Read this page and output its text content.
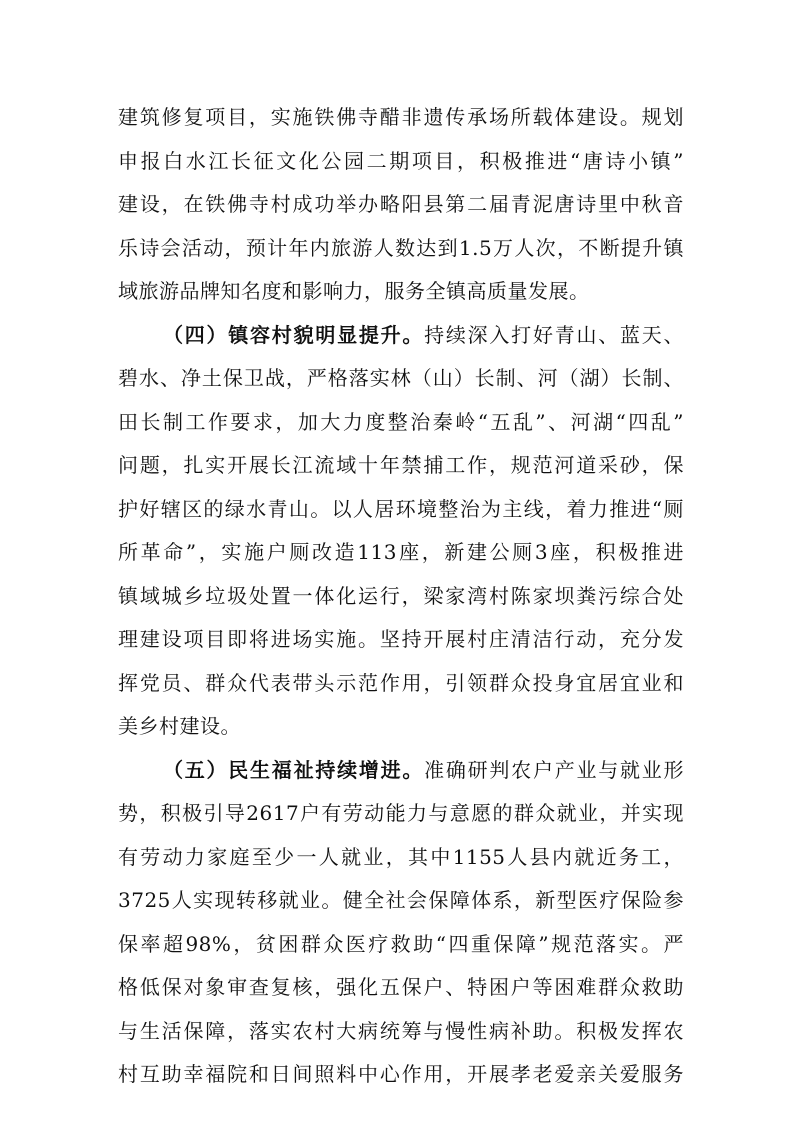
建筑修复项目，实施铁佛寺醋非遗传承场所载体建设。规划
申报白水江长征文化公园二期项目，积极推进“唐诗小镇”
建设，在铁佛寺村成功举办略阳县第二届青泥唐诗里中秋音
乐诗会活动，预计年内旅游人数达到1.5万人次，不断提升镇
域旅游品牌知名度和影响力，服务全镇高质量发展。
（四）镇容村貌明显提升。持续深入打好青山、蓝天、
碧水、净土保卫战，严格落实林（山）长制、河（湖）长制、
田长制工作要求，加大力度整治秦岭“五乱”、河湖“四乱”
问题，扎实开展长江流域十年禁捕工作，规范河道采砂，保
护好辖区的绿水青山。以人居环境整治为主线，着力推进“厕
所革命”，实施户厕改造113座，新建公厕3座，积极推进
镇域城乡垃圾处置一体化运行，梁家湾村陈家坝粪污综合处
理建设项目即将进场实施。坚持开展村庄清洁行动，充分发
挥党员、群众代表带头示范作用，引领群众投身宜居宜业和
美乡村建设。
（五）民生福祉持续增进。准确研判农户产业与就业形
势，积极引导2617户有劳动能力与意愿的群众就业，并实现
有劳动力家庭至少一人就业，其中1155人县内就近务工，
3725人实现转移就业。健全社会保障体系，新型医疗保险参
保率超98%，贫困群众医疗救助“四重保障”规范落实。严
格低保对象审查复核，强化五保户、特困户等困难群众救助
与生活保障，落实农村大病统筹与慢性病补助。积极发挥农
村互助幸福院和日间照料中心作用，开展孝老爱亲关爱服务
